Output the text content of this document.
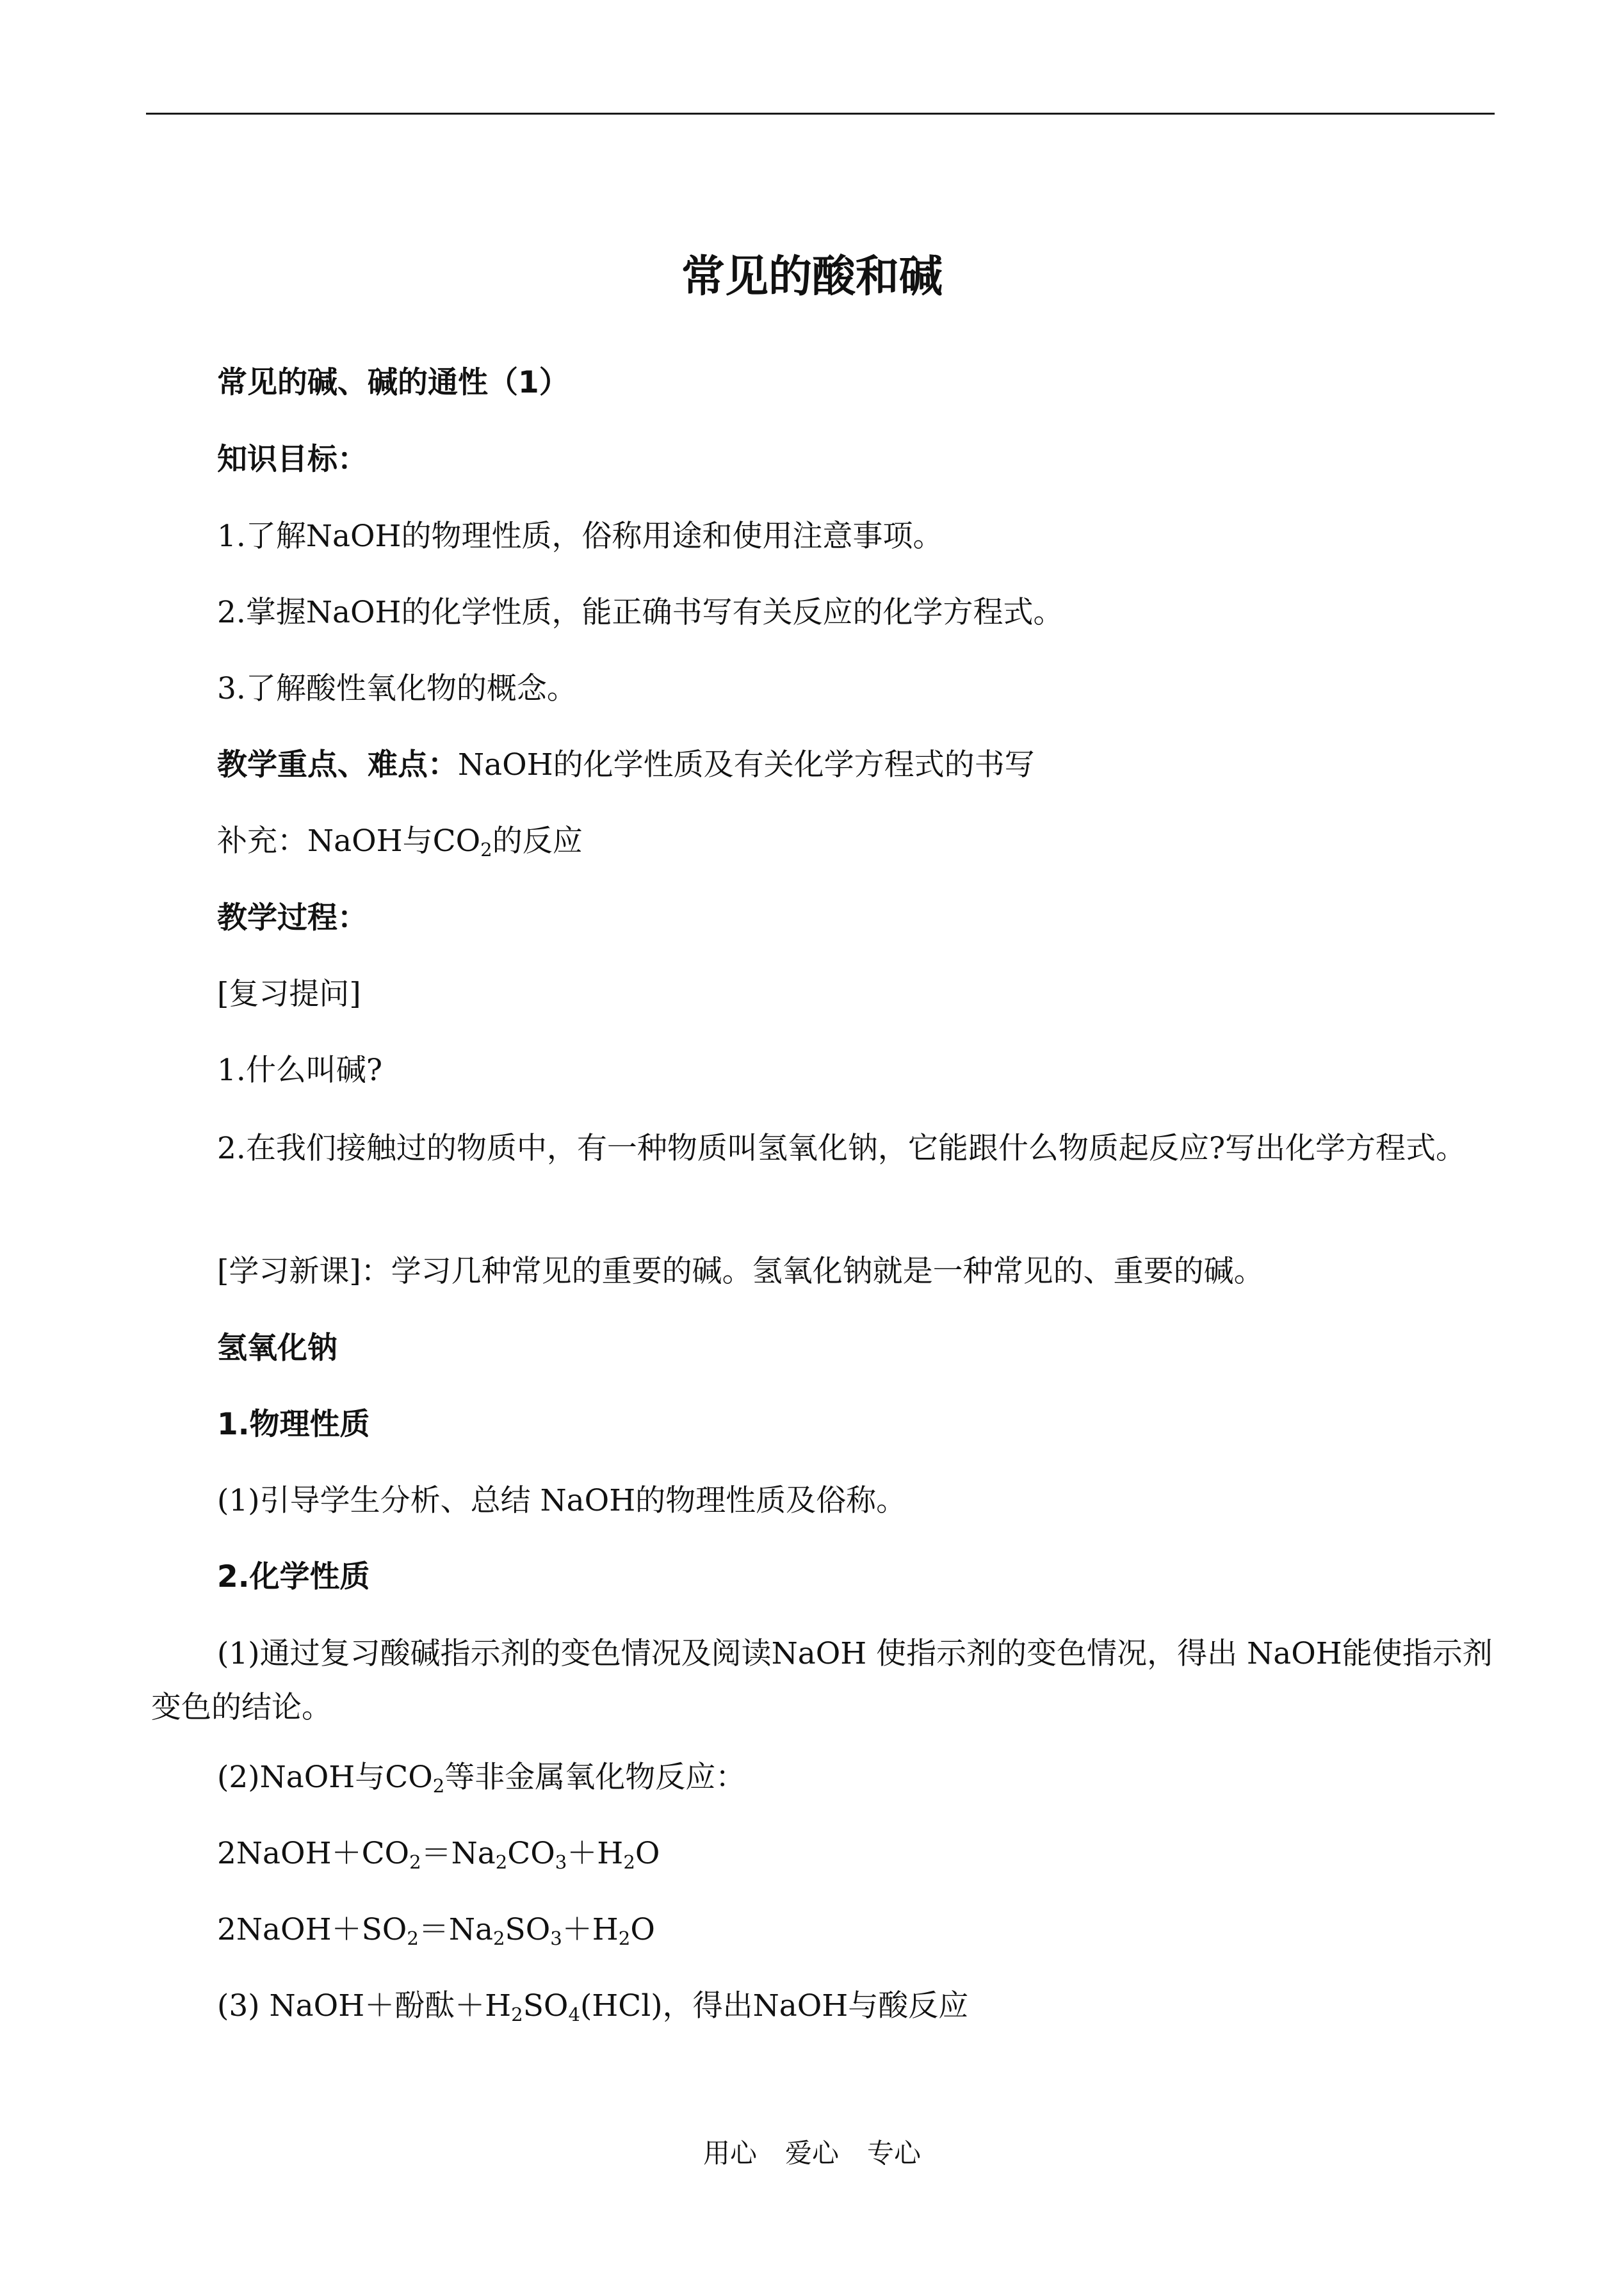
常见的酸和碱
常见的碱、碱的通性（1）
知识目标：
1.了解NaOH的物理性质，俗称用途和使用注意事项。
2.掌握NaOH的化学性质，能正确书写有关反应的化学方程式。
3.了解酸性氧化物的概念。
教学重点、难点：NaOH的化学性质及有关化学方程式的书写
补充：NaOH与$CO_2$的反应
教学过程：
[复习提问]
1.什么叫碱?
2.在我们接触过的物质中，有一种物质叫氢氧化钠，它能跟什么物质起反应?写出化学方程式。
[学习新课]：学习几种常见的重要的碱。氢氧化钠就是一种常见的、重要的碱。
氢氧化钠
1.物理性质
(1)引导学生分析、总结 NaOH的物理性质及俗称。
2.化学性质
(1)通过复习酸碱指示剂的变色情况及阅读NaOH 使指示剂的变色情况，得出 NaOH能使指示剂变色的结论。
(2)NaOH与$CO_2$等非金属氧化物反应：
$2NaOH+CO_2=Na_2CO_3+H_2O$
$2NaOH+SO_2=Na_2SO_3+H_2O$
(3) NaOH＋酚酞$+H_2SO_4(HCl)$，得出NaOH与酸反应
用心 爱心 专心
